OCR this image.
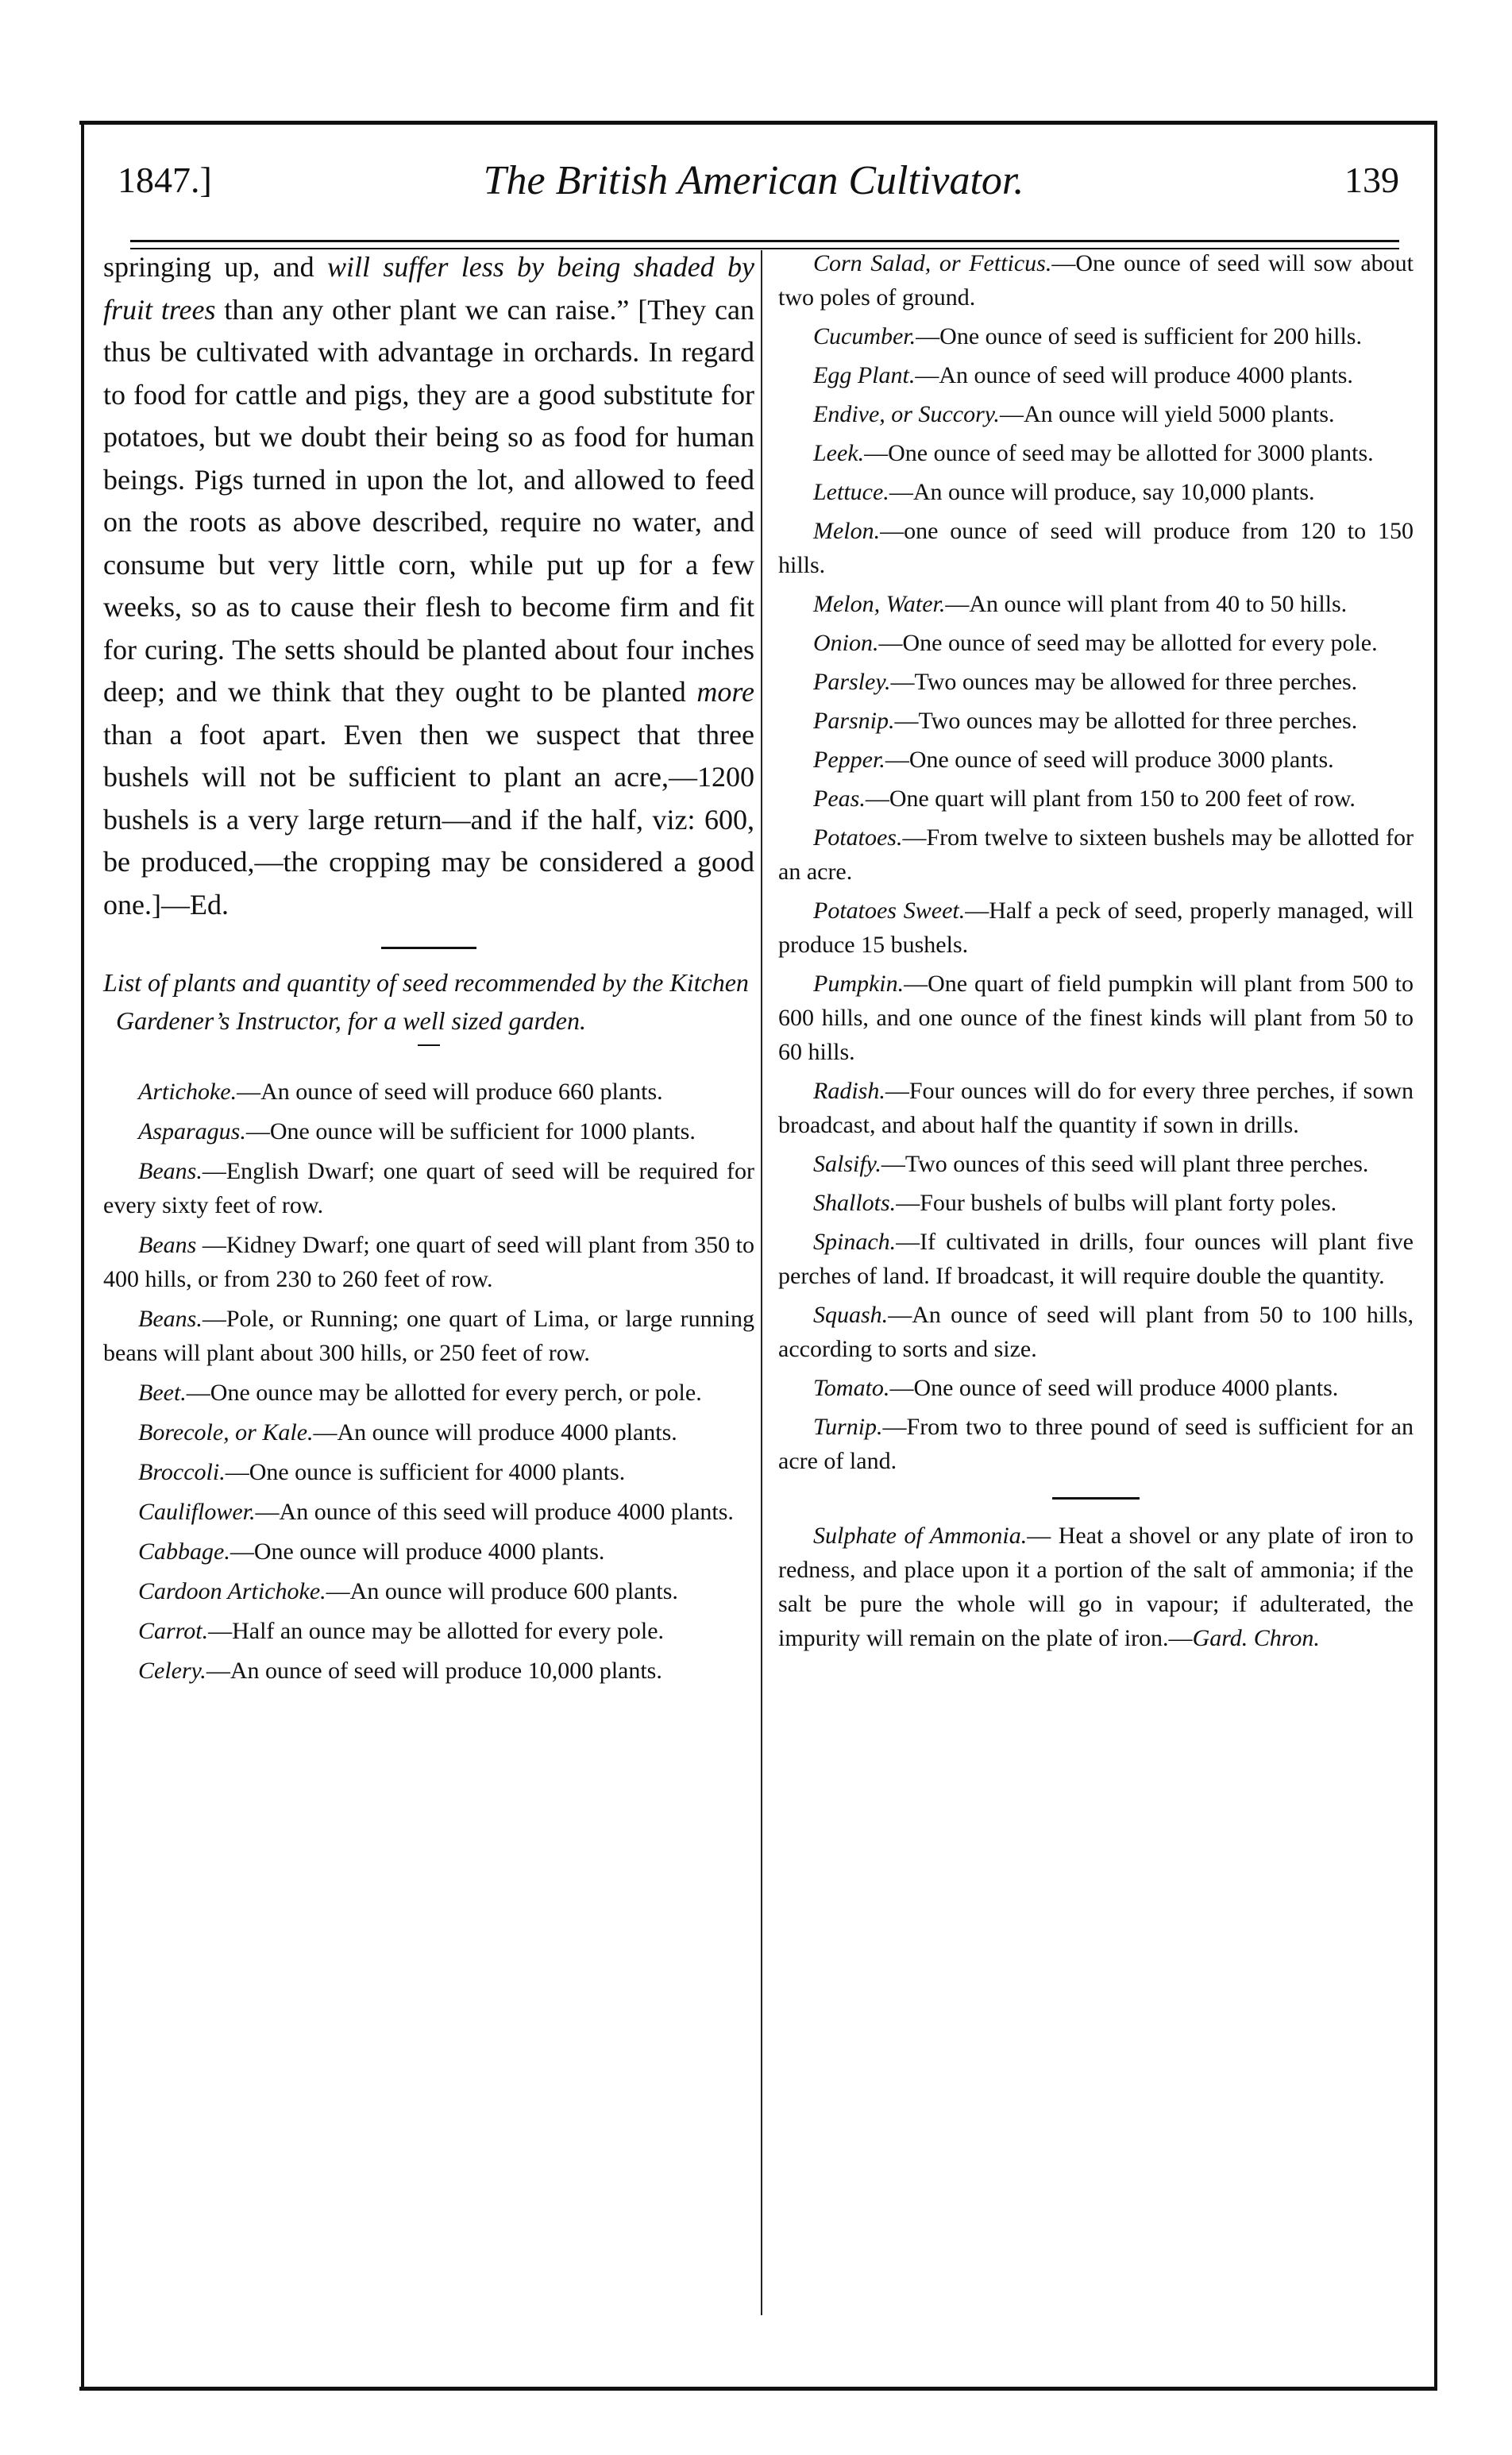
1847.]	The British American Cultivator.	139

springing up, and will suffer less by being shaded by fruit trees than any other plant we can raise.” [They can thus be cultivated with advantage in orchards. In regard to food for cattle and pigs, they are a good substitute for potatoes, but we doubt their being so as food for human beings. Pigs turned in upon the lot, and allowed to feed on the roots as above described, require no water, and consume but very little corn, while put up for a few weeks, so as to cause their flesh to become firm and fit for curing. The setts should be planted about four inches deep; and we think that they ought to be planted more than a foot apart. Even then we suspect that three bushels will not be sufficient to plant an acre,—1200 bushels is a very large return—and if the half, viz: 600, be produced,—the cropping may be considered a good one.]—Ed.

List of plants and quantity of seed recommended by the Kitchen Gardener’s Instructor, for a well sized garden.

Artichoke.—An ounce of seed will produce 660 plants.

Asparagus.—One ounce will be sufficient for 1000 plants.

Beans.—English Dwarf; one quart of seed will be required for every sixty feet of row.

Beans —Kidney Dwarf; one quart of seed will plant from 350 to 400 hills, or from 230 to 260 feet of row.

Beans.—Pole, or Running; one quart of Lima, or large running beans will plant about 300 hills, or 250 feet of row.

Beet.—One ounce may be allotted for every perch, or pole.

Borecole, or Kale.—An ounce will produce 4000 plants.

Broccoli.—One ounce is sufficient for 4000 plants.

Cauliflower.—An ounce of this seed will produce 4000 plants.

Cabbage.—One ounce will produce 4000 plants.

Cardoon Artichoke.—An ounce will produce 600 plants.

Carrot.—Half an ounce may be allotted for every pole.

Celery.—An ounce of seed will produce 10,000 plants.

Corn Salad, or Fetticus.—One ounce of seed will sow about two poles of ground.

Cucumber.—One ounce of seed is sufficient for 200 hills.

Egg Plant.—An ounce of seed will produce 4000 plants.

Endive, or Succory.—An ounce will yield 5000 plants.

Leek.—One ounce of seed may be allotted for 3000 plants.

Lettuce.—An ounce will produce, say 10,000 plants.

Melon.—one ounce of seed will produce from 120 to 150 hills.

Melon, Water.—An ounce will plant from 40 to 50 hills.

Onion.—One ounce of seed may be allotted for every pole.

Parsley.—Two ounces may be allowed for three perches.

Parsnip.—Two ounces may be allotted for three perches.

Pepper.—One ounce of seed will produce 3000 plants.

Peas.—One quart will plant from 150 to 200 feet of row.

Potatoes.—From twelve to sixteen bushels may be allotted for an acre.

Potatoes Sweet.—Half a peck of seed, properly managed, will produce 15 bushels.

Pumpkin.—One quart of field pumpkin will plant from 500 to 600 hills, and one ounce of the finest kinds will plant from 50 to 60 hills.

Radish.—Four ounces will do for every three perches, if sown broadcast, and about half the quantity if sown in drills.

Salsify.—Two ounces of this seed will plant three perches.

Shallots.—Four bushels of bulbs will plant forty poles.

Spinach.—If cultivated in drills, four ounces will plant five perches of land. If broadcast, it will require double the quantity.

Squash.—An ounce of seed will plant from 50 to 100 hills, according to sorts and size.

Tomato.—One ounce of seed will produce 4000 plants.

Turnip.—From two to three pound of seed is sufficient for an acre of land.

Sulphate of Ammonia.— Heat a shovel or any plate of iron to redness, and place upon it a portion of the salt of ammonia; if the salt be pure the whole will go in vapour; if adulterated, the impurity will remain on the plate of iron.—Gard. Chron.
